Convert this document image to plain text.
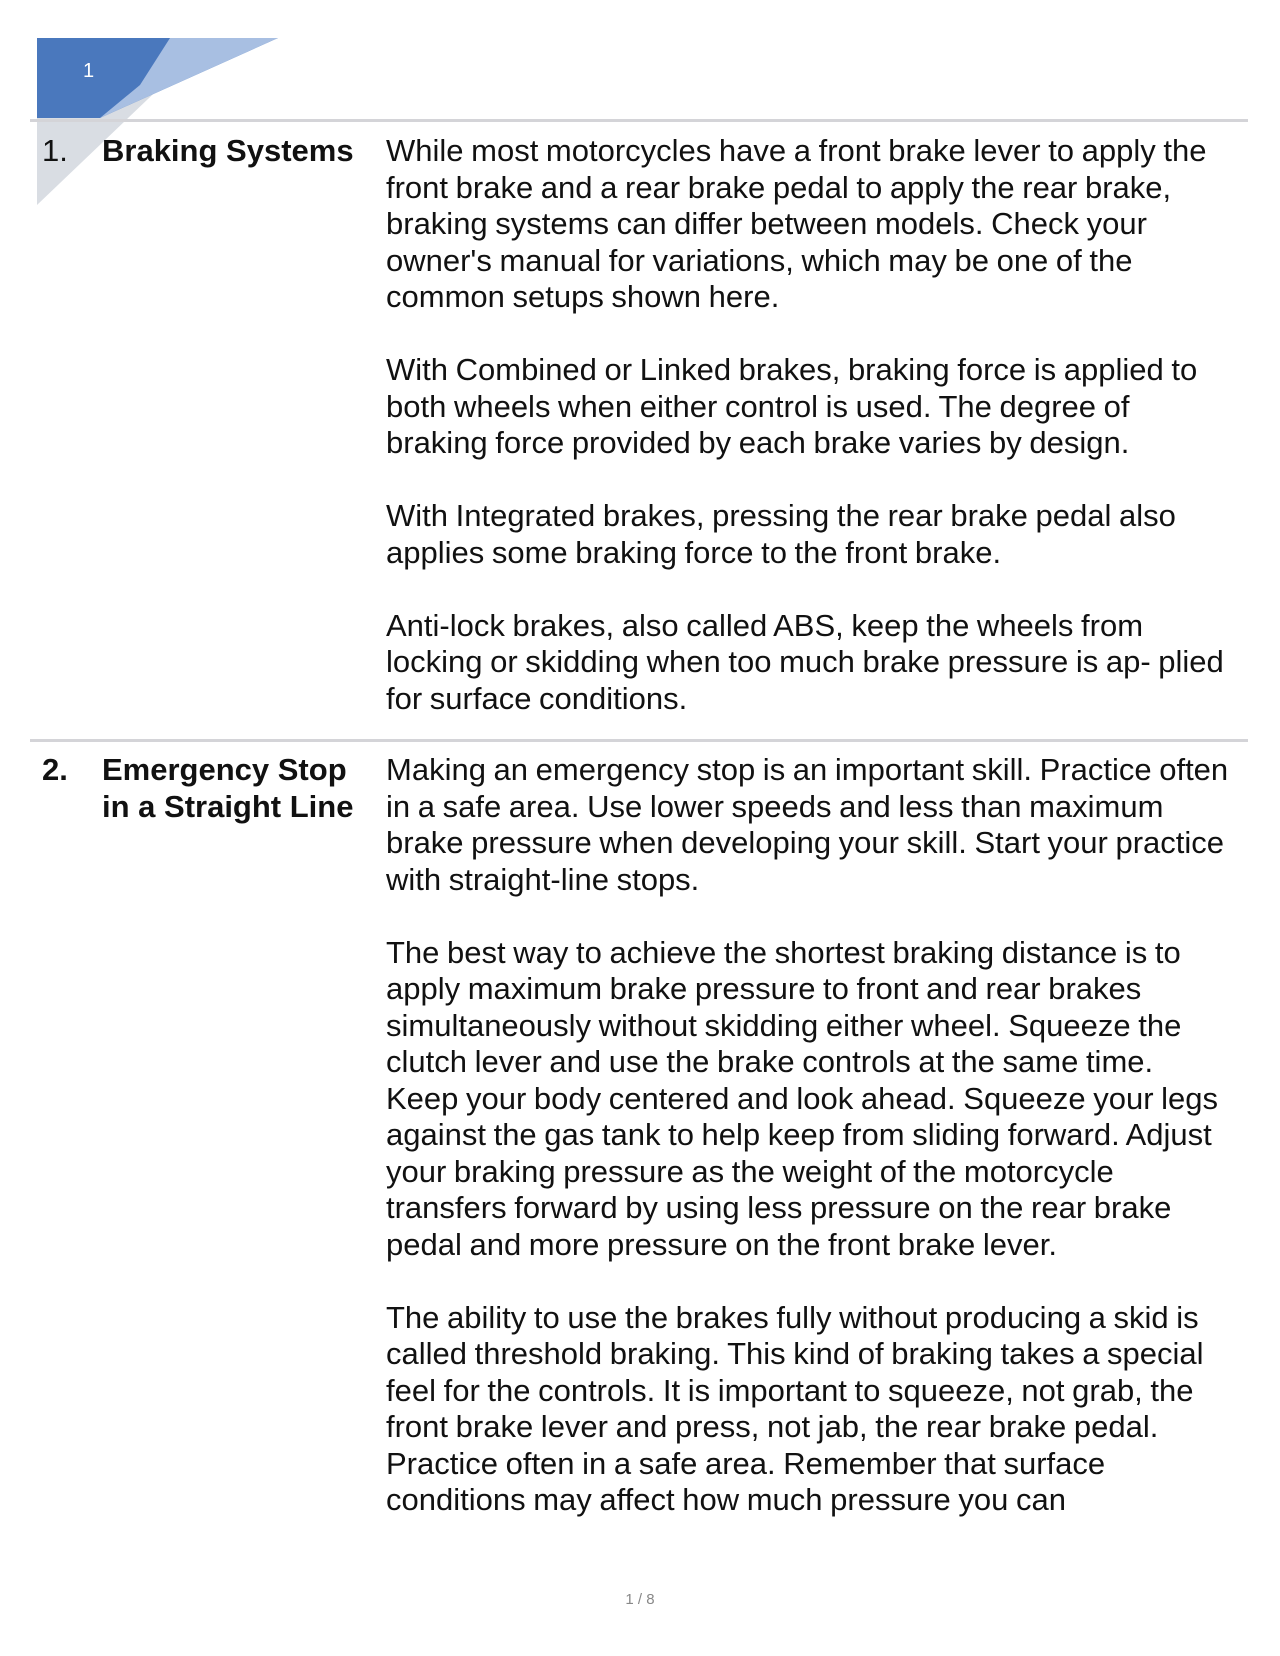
1
1. Braking Systems	While most motorcycles have a front brake lever to apply the front brake and a rear brake pedal to apply the rear brake, braking systems can differ between models. Check your owner's manual for variations, which may be one of the common setups shown here.

With Combined or Linked brakes, braking force is applied to both wheels when either control is used. The degree of braking force provided by each brake varies by design.

With Integrated brakes, pressing the rear brake pedal also applies some braking force to the front brake.

Anti-lock brakes, also called ABS, keep the wheels from locking or skidding when too much brake pressure is ap- plied for surface conditions.

2. Emergency Stop in a Straight Line

Making an emergency stop is an important skill. Practice often in a safe area. Use lower speeds and less than maximum brake pressure when developing your skill. Start your practice with straight-line stops.

The best way to achieve the shortest braking distance is to apply maximum brake pressure to front and rear brakes simultaneously without skidding either wheel. Squeeze the clutch lever and use the brake controls at the same time. Keep your body centered and look ahead. Squeeze your legs against the gas tank to help keep from sliding forward. Adjust your braking pressure as the weight of the motorcycle transfers forward by using less pressure on the rear brake pedal and more pressure on the front brake lever.

The ability to use the brakes fully without producing a skid is called threshold braking. This kind of braking takes a special feel for the controls. It is important to squeeze, not grab, the front brake lever and press, not jab, the rear brake pedal. Practice often in a safe area. Remember that surface conditions may affect how much pressure you can

1 / 8
